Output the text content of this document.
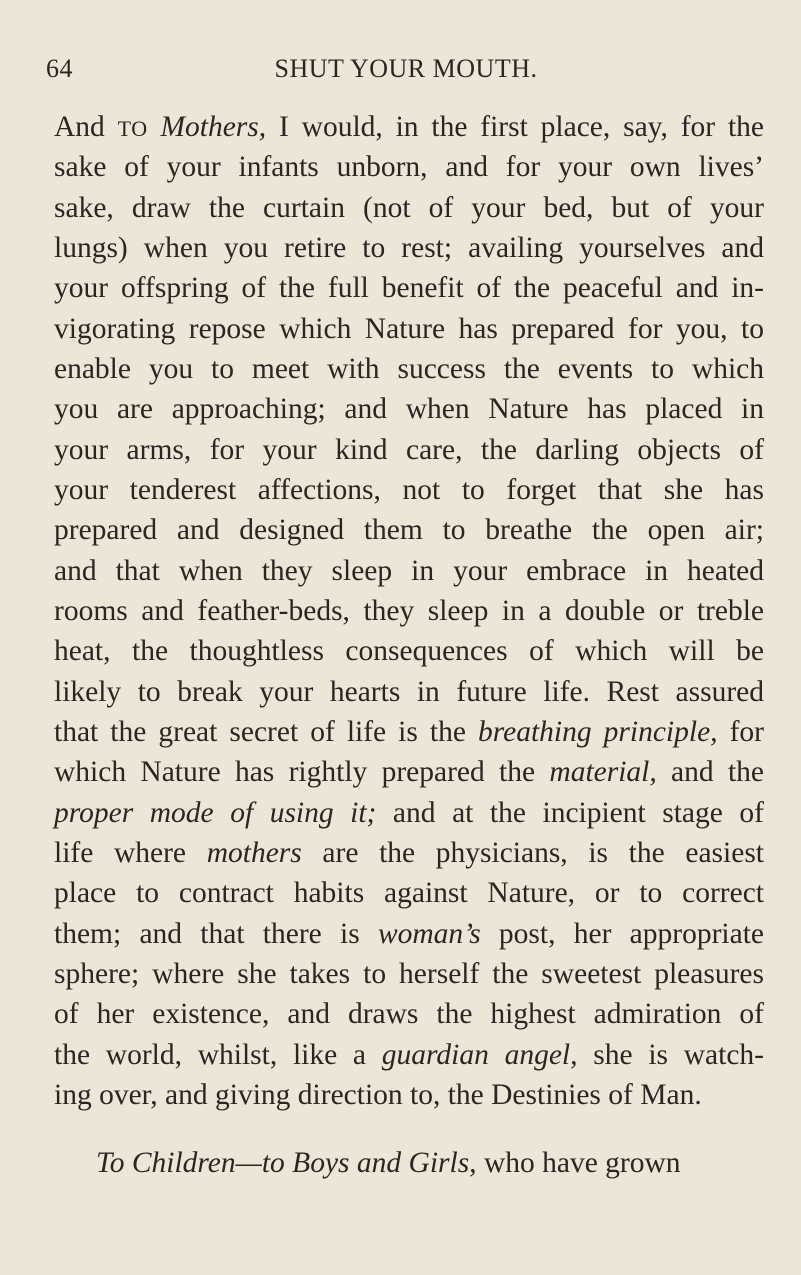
64	SHUT YOUR MOUTH.
And TO Mothers, I would, in the first place, say, for the
sake of your infants unborn, and for your own lives’
sake, draw the curtain (not of your bed, but of your
lungs) when you retire to rest; availing yourselves and
your offspring of the full benefit of the peaceful and in-
vigorating repose which Nature has prepared for you, to
enable you to meet with success the events to which
you are approaching; and when Nature has placed in
your arms, for your kind care, the darling objects of
your tenderest affections, not to forget that she has
prepared and designed them to breathe the open air;
and that when they sleep in your embrace in heated
rooms and feather-beds, they sleep in a double or treble
heat, the thoughtless consequences of which will be
likely to break your hearts in future life. Rest assured
that the great secret of life is the breathing principle, for
which Nature has rightly prepared the material, and the
proper mode of using it; and at the incipient stage of
life where mothers are the physicians, is the easiest
place to contract habits against Nature, or to correct
them; and that there is woman’s post, her appropriate
sphere; where she takes to herself the sweetest pleasures
of her existence, and draws the highest admiration of
the world, whilst, like a guardian angel, she is watch-
ing over, and giving direction to, the Destinies of Man.
To Children—to Boys and Girls, who have grown
